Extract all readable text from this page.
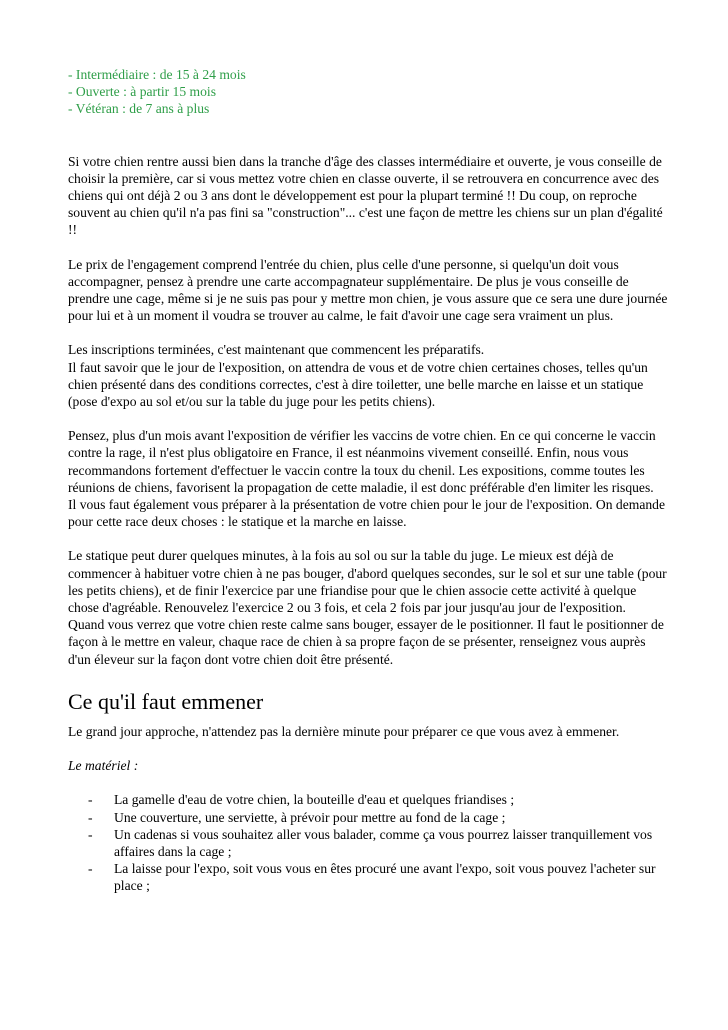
- Intermédiaire : de 15 à 24 mois
- Ouverte : à partir 15 mois
- Vétéran : de 7 ans à plus

Si votre chien rentre aussi bien dans la tranche d'âge des classes intermédiaire et ouverte, je vous conseille de choisir la première, car si vous mettez votre chien en classe ouverte, il se retrouvera en concurrence avec des chiens qui ont déjà 2 ou 3 ans dont le développement est pour la plupart terminé !! Du coup, on reproche souvent au chien qu'il n'a pas fini sa "construction"... c'est une façon de mettre les chiens sur un plan d'égalité !!

Le prix de l'engagement comprend l'entrée du chien, plus celle d'une personne, si quelqu'un doit vous accompagner, pensez à prendre une carte accompagnateur supplémentaire. De plus je vous conseille de prendre une cage, même si je ne suis pas pour y mettre mon chien, je vous assure que ce sera une dure journée pour lui et à un moment il voudra se trouver au calme, le fait d'avoir une cage sera vraiment un plus.

Les inscriptions terminées, c'est maintenant que commencent les préparatifs.

Il faut savoir que le jour de l'exposition, on attendra de vous et de votre chien certaines choses, telles qu'un chien présenté dans des conditions correctes, c'est à dire toiletter, une belle marche en laisse et un statique (pose d'expo au sol et/ou sur la table du juge pour les petits chiens).

Pensez, plus d'un mois avant l'exposition de vérifier les vaccins de votre chien. En ce qui concerne le vaccin contre la rage, il n'est plus obligatoire en France, il est néanmoins vivement conseillé. Enfin, nous vous recommandons fortement d'effectuer le vaccin contre la toux du chenil. Les expositions, comme toutes les réunions de chiens, favorisent la propagation de cette maladie, il est donc préférable d'en limiter les risques.

Il vous faut également vous préparer à la présentation de votre chien pour le jour de l'exposition. On demande pour cette race deux choses : le statique et la marche en laisse.

Le statique peut durer quelques minutes, à la fois au sol ou sur la table du juge. Le mieux est déjà de commencer à habituer votre chien à ne pas bouger, d'abord quelques secondes, sur le sol et sur une table (pour les petits chiens), et de finir l'exercice par une friandise pour que le chien associe cette activité à quelque chose d'agréable. Renouvelez l'exercice 2 ou 3 fois, et cela 2 fois par jour jusqu'au jour de l'exposition.

Quand vous verrez que votre chien reste calme sans bouger, essayer de le positionner. Il faut le positionner de façon à le mettre en valeur, chaque race de chien à sa propre façon de se présenter, renseignez vous auprès d'un éleveur sur la façon dont votre chien doit être présenté.

Ce qu'il faut emmener

Le grand jour approche, n'attendez pas la dernière minute pour préparer ce que vous avez à emmener.

Le matériel :

- La gamelle d'eau de votre chien, la bouteille d'eau et quelques friandises ;
- Une couverture, une serviette, à prévoir pour mettre au fond de la cage ;
- Un cadenas si vous souhaitez aller vous balader, comme ça vous pourrez laisser tranquillement vos affaires dans la cage ;
- La laisse pour l'expo, soit vous vous en êtes procuré une avant l'expo, soit vous pouvez l'acheter sur place ;
